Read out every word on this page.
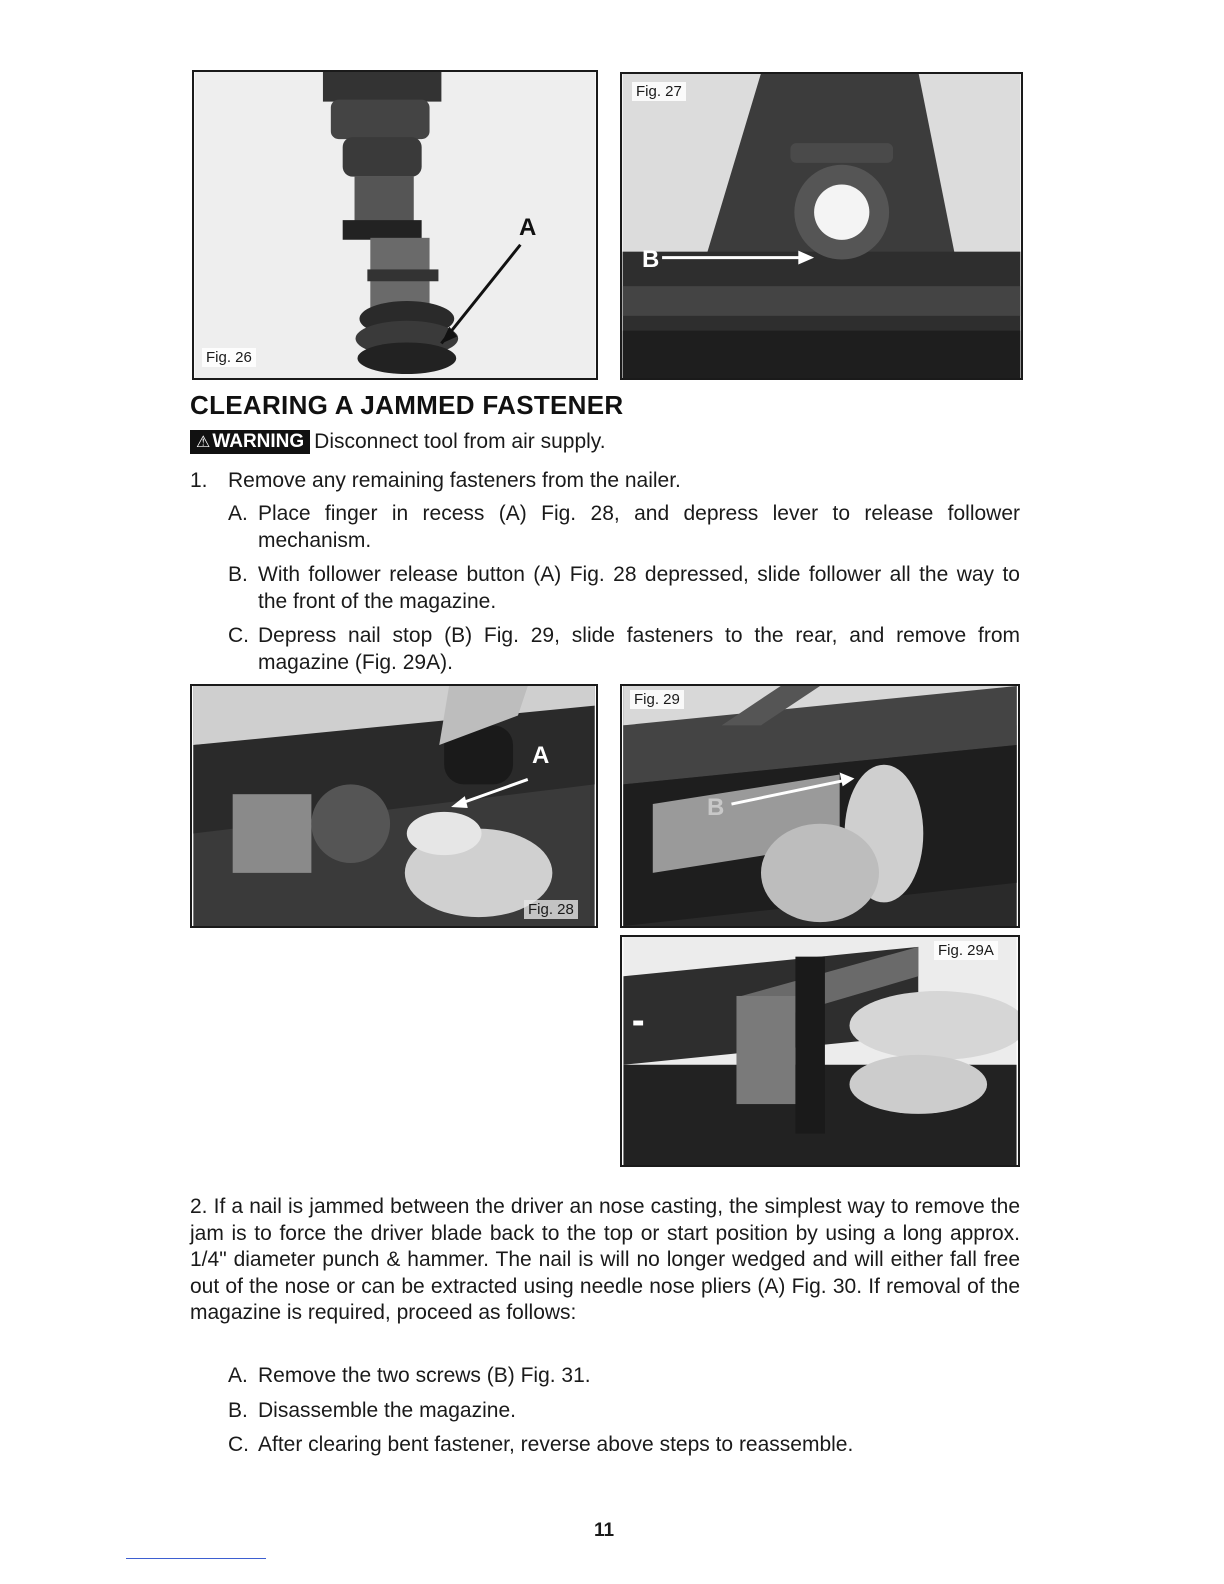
A
Fig. 26
Fig. 27
B
CLEARING A JAMMED FASTENER
⚠ WARNING Disconnect tool from air supply.
1. Remove any remaining fasteners from the nailer.
A. Place finger in recess (A) Fig. 28, and depress lever to release follower mechanism.
B. With follower release button (A) Fig. 28 depressed, slide follower all the way to the front of the magazine.
C. Depress nail stop (B) Fig. 29, slide fasteners to the rear, and remove from magazine (Fig. 29A).
A
Fig. 28
Fig. 29
B
Fig. 29A
2. If a nail is jammed between the driver an nose casting, the simplest way to remove the jam is to force the driver blade back to the top or start position by using a long approx. 1/4" diameter punch & hammer. The nail is will no longer wedged and will either fall free out of the nose or can be extracted using needle nose pliers (A) Fig. 30. If removal of the magazine is required, proceed as follows:
A. Remove the two screws (B) Fig. 31.
B. Disassemble the magazine.
C. After clearing bent fastener, reverse above steps to reassemble.
11
